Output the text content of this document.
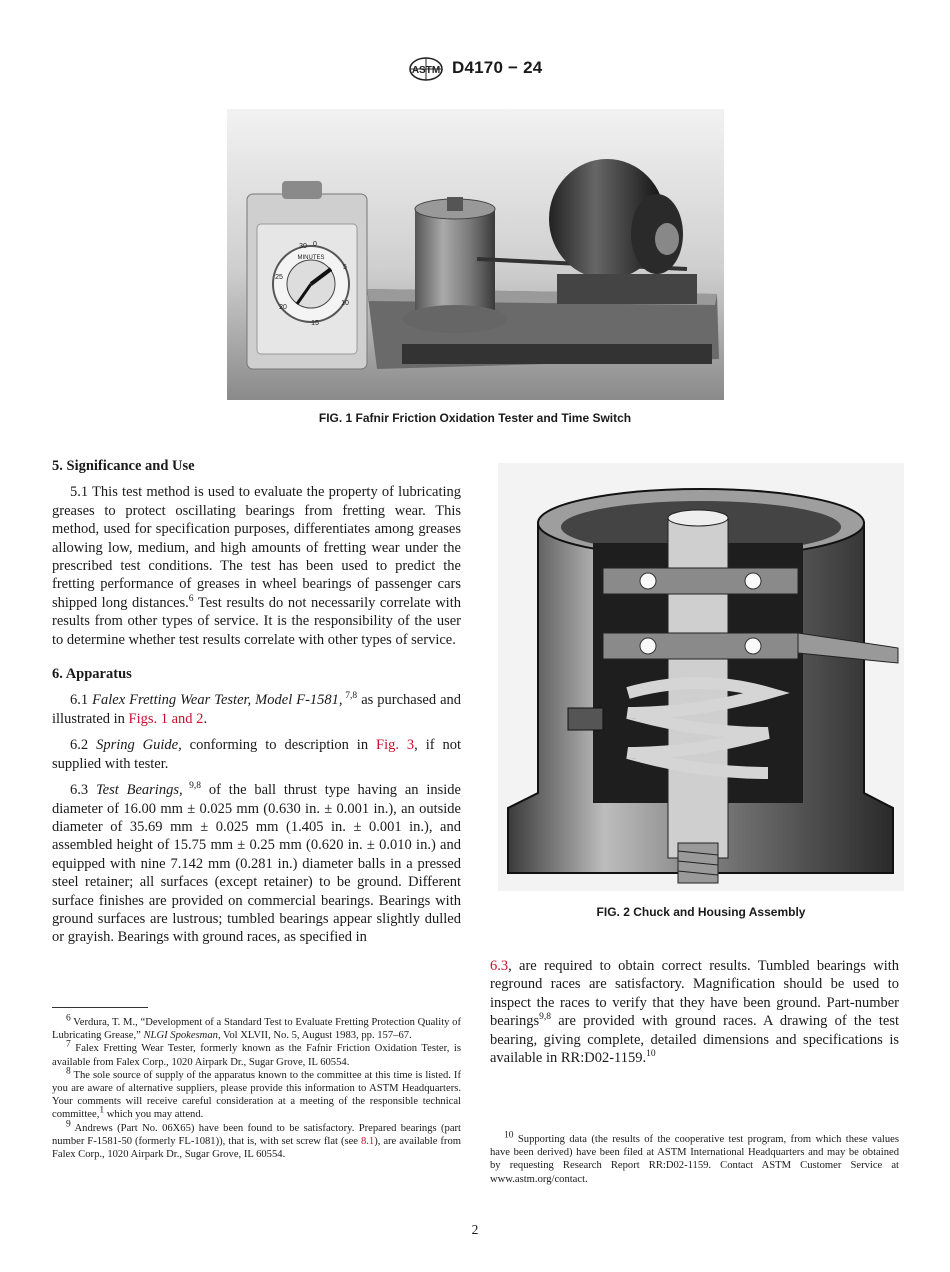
ASTM D4170 − 24
MINUTES
30 0
5
10
15
20
25
FIG. 1 Fafnir Friction Oxidation Tester and Time Switch
FIG. 2 Chuck and Housing Assembly

5. Significance and Use

5.1 This test method is used to evaluate the property of lubricating greases to protect oscillating bearings from fretting wear. This method, used for specification purposes, differentiates among greases allowing low, medium, and high amounts of fretting wear under the prescribed test conditions. The test has been used to predict the fretting performance of greases in wheel bearings of passenger cars shipped long distances.$^6$ Test results do not necessarily correlate with results from other types of service. It is the responsibility of the user to determine whether test results correlate with other types of service.

6. Apparatus

6.1 Falex Fretting Wear Tester, Model F-1581, $^{7,8}$ as purchased and illustrated in Figs. 1 and 2.

6.2 Spring Guide, conforming to description in Fig. 3, if not supplied with tester.

6.3 Test Bearings, $^{9,8}$ of the ball thrust type having an inside diameter of 16.00 mm ± 0.025 mm (0.630 in. ± 0.001 in.), an outside diameter of 35.69 mm ± 0.025 mm (1.405 in. ± 0.001 in.), and assembled height of 15.75 mm ± 0.25 mm (0.620 in. ± 0.010 in.) and equipped with nine 7.142 mm (0.281 in.) diameter balls in a pressed steel retainer; all surfaces (except retainer) to be ground. Different surface finishes are provided on commercial bearings. Bearings with ground surfaces are lustrous; tumbled bearings appear slightly dulled or grayish. Bearings with ground races, as specified in

$^6$ Verdura, T. M., “Development of a Standard Test to Evaluate Fretting Protection Quality of Lubricating Grease,” NLGI Spokesman, Vol XLVII, No. 5, August 1983, pp. 157–67.

$^7$ Falex Fretting Wear Tester, formerly known as the Fafnir Friction Oxidation Tester, is available from Falex Corp., 1020 Airpark Dr., Sugar Grove, IL 60554.

$^8$ The sole source of supply of the apparatus known to the committee at this time is listed. If you are aware of alternative suppliers, please provide this information to ASTM Headquarters. Your comments will receive careful consideration at a meeting of the responsible technical committee,$^1$ which you may attend.

$^9$ Andrews (Part No. 06X65) have been found to be satisfactory. Prepared bearings (part number F-1581-50 (formerly FL-1081)), that is, with set screw flat (see 8.1), are available from Falex Corp., 1020 Airpark Dr., Sugar Grove, IL 60554.

6.3, are required to obtain correct results. Tumbled bearings with reground races are satisfactory. Magnification should be used to inspect the races to verify that they have been ground. Part-number bearings$^{9,8}$ are provided with ground races. A drawing of the test bearing, giving complete, detailed dimensions and specifications is available in RR:D02-1159.10

$^{10}$ Supporting data (the results of the cooperative test program, from which these values have been derived) have been filed at ASTM International Headquarters and may be obtained by requesting Research Report RR:D02-1159. Contact ASTM Customer Service at www.astm.org/contact.

2
